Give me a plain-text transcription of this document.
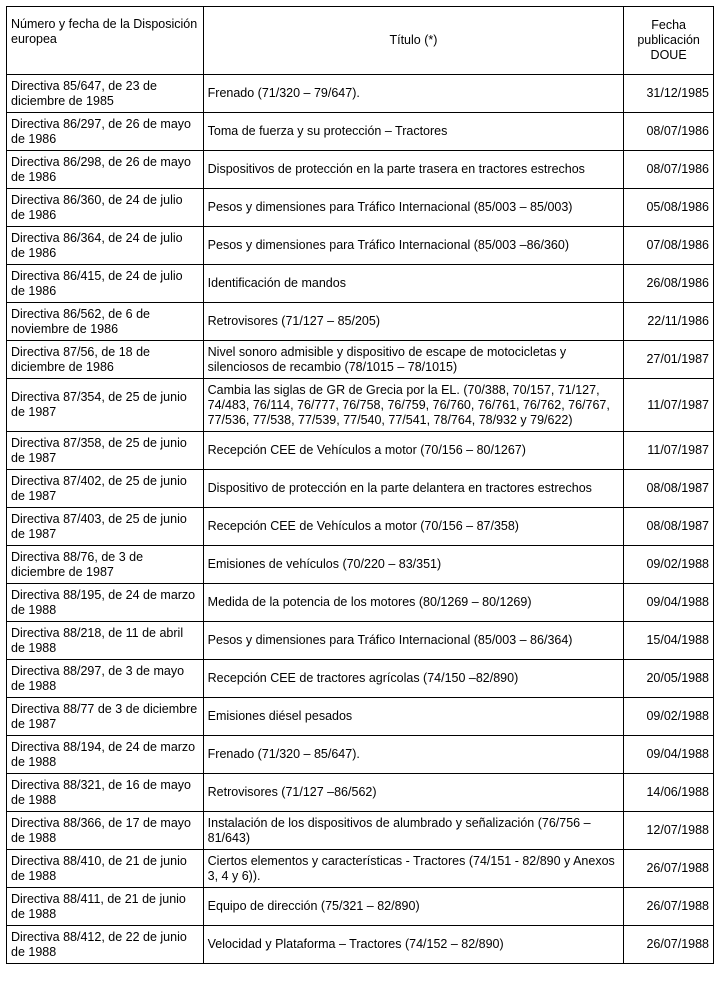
Número y fecha de la Disposición europea	Título (*)	Fecha publicación DOUE
Directiva 85/647, de 23 de diciembre de 1985	Frenado (71/320 – 79/647).	31/12/1985
Directiva 86/297, de 26 de mayo de 1986	Toma de fuerza y su protección – Tractores	08/07/1986
Directiva 86/298, de 26 de mayo de 1986	Dispositivos de protección en la parte trasera en tractores estrechos	08/07/1986
Directiva 86/360, de 24 de julio de 1986	Pesos y dimensiones para Tráfico Internacional (85/003 – 85/003)	05/08/1986
Directiva 86/364, de 24 de julio de 1986	Pesos y dimensiones para Tráfico Internacional (85/003 –86/360)	07/08/1986
Directiva 86/415, de 24 de julio de 1986	Identificación de mandos	26/08/1986
Directiva 86/562, de 6 de noviembre de 1986	Retrovisores (71/127 – 85/205)	22/11/1986
Directiva 87/56, de 18 de diciembre de 1986	Nivel sonoro admisible y dispositivo de escape de motocicletas y silenciosos de recambio (78/1015 – 78/1015)	27/01/1987
Directiva 87/354, de 25 de junio de 1987	Cambia las siglas de GR de Grecia por la EL. (70/388, 70/157, 71/127, 74/483, 76/114, 76/777, 76/758, 76/759, 76/760, 76/761, 76/762, 76/767, 77/536, 77/538, 77/539, 77/540, 77/541, 78/764, 78/932 y 79/622)	11/07/1987
Directiva 87/358, de 25 de junio de 1987	Recepción CEE de Vehículos a motor (70/156 – 80/1267)	11/07/1987
Directiva 87/402, de 25 de junio de 1987	Dispositivo de protección en la parte delantera en tractores estrechos	08/08/1987
Directiva 87/403, de 25 de junio de 1987	Recepción CEE de Vehículos a motor (70/156 – 87/358)	08/08/1987
Directiva 88/76, de 3 de diciembre de 1987	Emisiones de vehículos (70/220 – 83/351)	09/02/1988
Directiva 88/195, de 24 de marzo de 1988	Medida de la potencia de los motores (80/1269 – 80/1269)	09/04/1988
Directiva 88/218, de 11 de abril de 1988	Pesos y dimensiones para Tráfico Internacional (85/003 – 86/364)	15/04/1988
Directiva 88/297, de 3 de mayo de 1988	Recepción CEE de tractores agrícolas (74/150 –82/890)	20/05/1988
Directiva 88/77 de 3 de diciembre de 1987	Emisiones diésel pesados	09/02/1988
Directiva 88/194, de 24 de marzo de 1988	Frenado (71/320 – 85/647).	09/04/1988
Directiva 88/321, de 16 de mayo de 1988	Retrovisores (71/127 –86/562)	14/06/1988
Directiva 88/366, de 17 de mayo de 1988	Instalación de los dispositivos de alumbrado y señalización (76/756 – 81/643)	12/07/1988
Directiva 88/410, de 21 de junio de 1988	Ciertos elementos y características - Tractores (74/151 - 82/890 y Anexos 3, 4 y 6)).	26/07/1988
Directiva 88/411, de 21 de junio de 1988	Equipo de dirección (75/321 – 82/890)	26/07/1988
Directiva 88/412, de 22 de junio de 1988	Velocidad y Plataforma – Tractores (74/152 – 82/890)	26/07/1988
